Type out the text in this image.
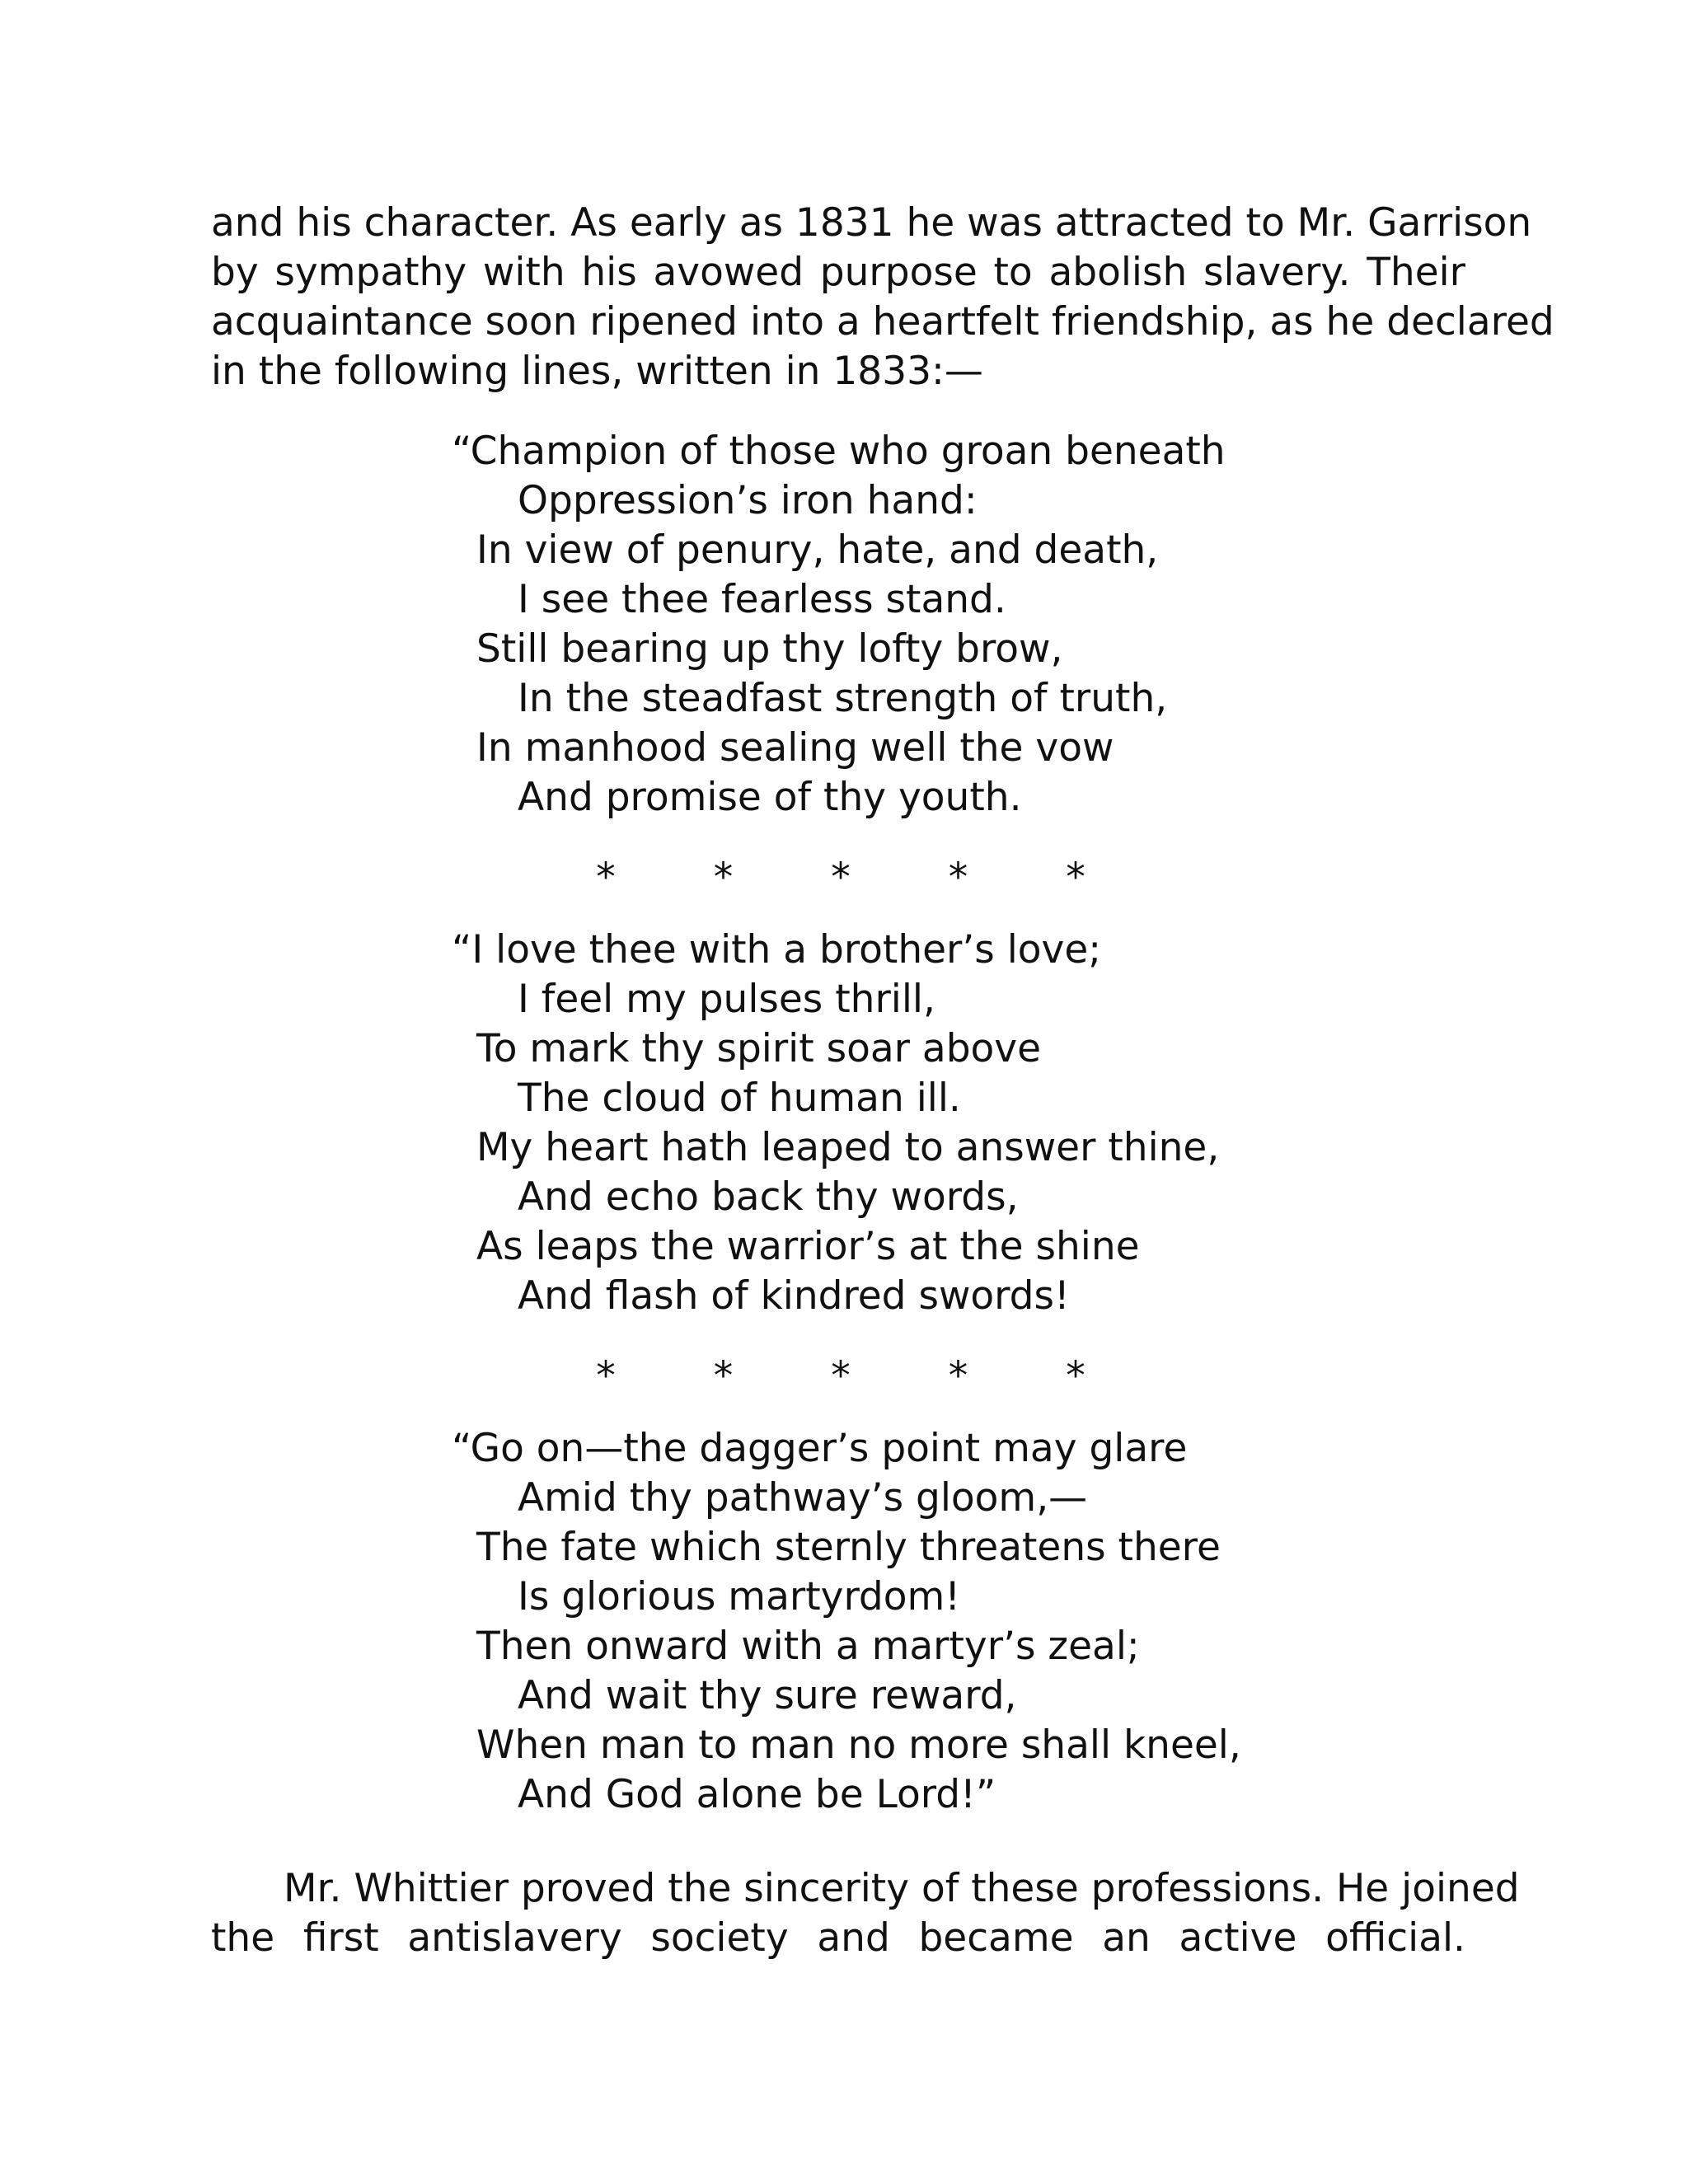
and his character. As early as 1831 he was attracted to Mr. Garrison
by sympathy with his avowed purpose to abolish slavery. Their
acquaintance soon ripened into a heartfelt friendship, as he declared
in the following lines, written in 1833:—
“Champion of those who groan beneath
Oppression’s iron hand:
In view of penury, hate, and death,
I see thee fearless stand.
Still bearing up thy lofty brow,
In the steadfast strength of truth,
In manhood sealing well the vow
And promise of thy youth.
*	*	*	*	*
“I love thee with a brother’s love;
I feel my pulses thrill,
To mark thy spirit soar above
The cloud of human ill.
My heart hath leaped to answer thine,
And echo back thy words,
As leaps the warrior’s at the shine
And flash of kindred swords!
*	*	*	*	*
“Go on—the dagger’s point may glare
Amid thy pathway’s gloom,—
The fate which sternly threatens there
Is glorious martyrdom!
Then onward with a martyr’s zeal;
And wait thy sure reward,
When man to man no more shall kneel,
And God alone be Lord!”
Mr. Whittier proved the sincerity of these professions. He joined
the first antislavery society and became an active official.
